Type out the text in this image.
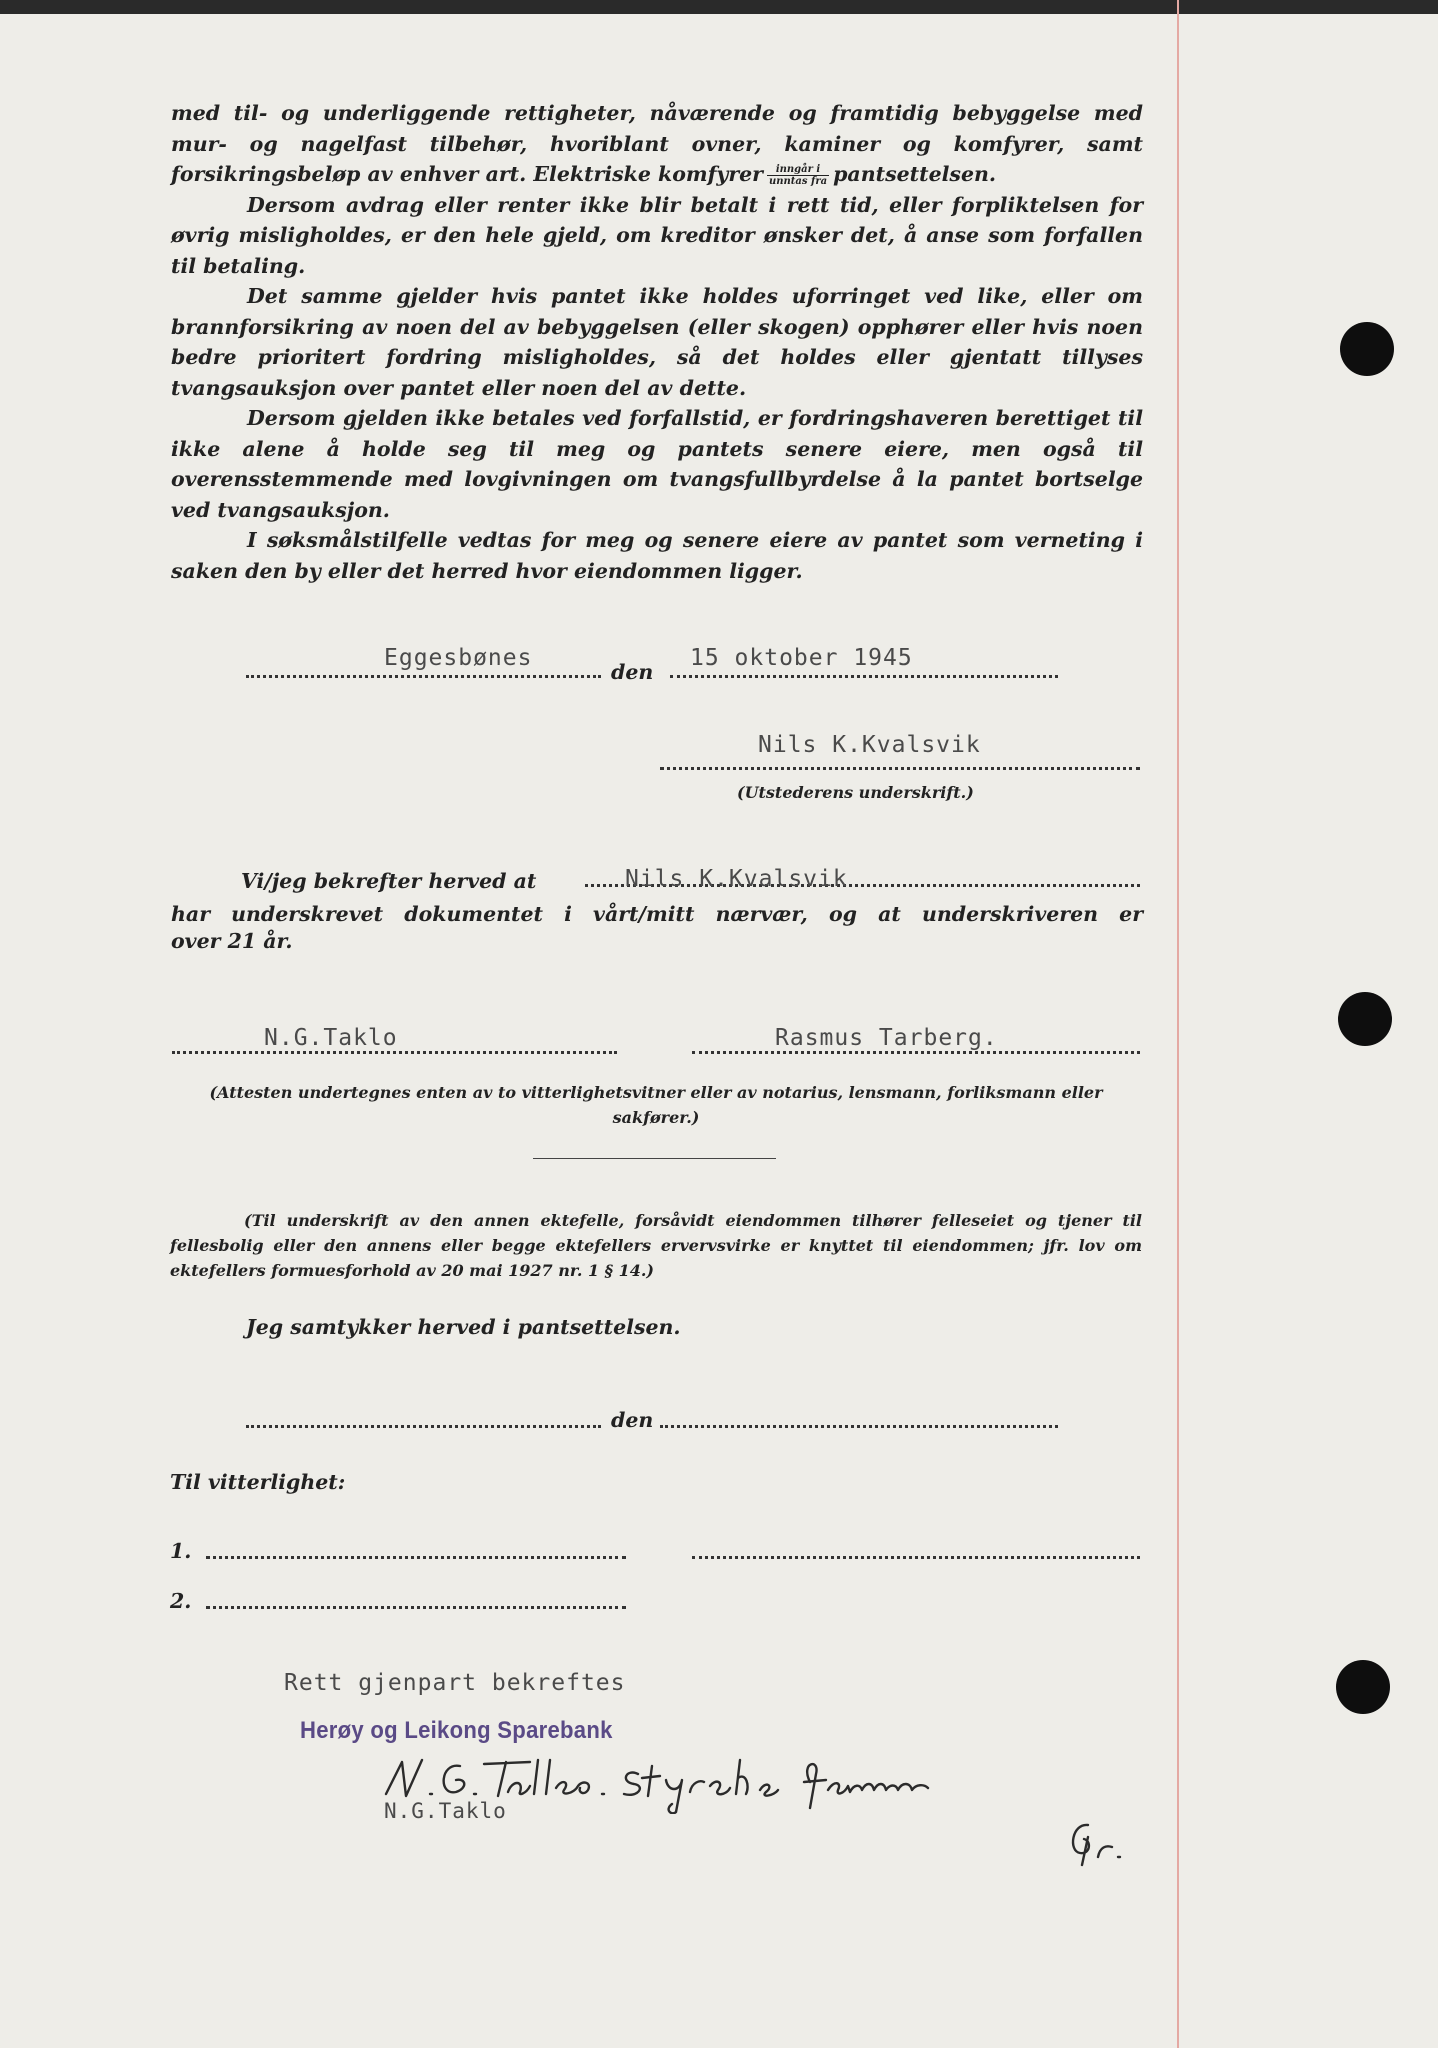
med til- og underliggende rettigheter, nåværende og framtidig bebyggelse med mur- og nagelfast tilbehør, hvoriblant ovner, kaminer og komfyrer, samt forsikringsbeløp av enhver art. Elektriske komfyrer $\frac{\text{inngår i}}{\text{unntas fra}}$ pantsettelsen.

Dersom avdrag eller renter ikke blir betalt i rett tid, eller forpliktelsen for øvrig misligholdes, er den hele gjeld, om kreditor ønsker det, å anse som forfallen til betaling.

Det samme gjelder hvis pantet ikke holdes uforringet ved like, eller om brannforsikring av noen del av bebyggelsen (eller skogen) opphører eller hvis noen bedre prioritert fordring misligholdes, så det holdes eller gjentatt tillyses tvangsauksjon over pantet eller noen del av dette.

Dersom gjelden ikke betales ved forfallstid, er fordringshaveren berettiget til ikke alene å holde seg til meg og pantets senere eiere, men også til overensstemmende med lovgivningen om tvangsfullbyrdelse å la pantet bortselge ved tvangsauksjon.

I søksmålstilfelle vedtas for meg og senere eiere av pantet som verneting i saken den by eller det herred hvor eiendommen ligger.

Eggesbønes
den
15 oktober 1945
Nils K.Kvalsvik
(Utstederens underskrift.)
Vi/jeg bekrefter herved at	Nils K.Kvalsvik
har underskrevet dokumentet i vårt/mitt nærvær, og at underskriveren er
over 21 år.
N.G.Taklo	Rasmus Tarberg.
(Attesten undertegnes enten av to vitterlighetsvitner eller av notarius, lensmann, forliksmann eller sakfører.)
(Til underskrift av den annen ektefelle, forsåvidt eiendommen tilhører felleseiet og tjener til fellesbolig eller den annens eller begge ektefellers ervervsvirke er knyttet til eiendommen; jfr. lov om ektefellers formuesforhold av 20 mai 1927 nr. 1 § 14.)
Jeg samtykker herved i pantsettelsen.
den
Til vitterlighet:
1.
2.
Rett gjenpart bekreftes
Herøy og Leikong Sparebank
N.G.Taklo
